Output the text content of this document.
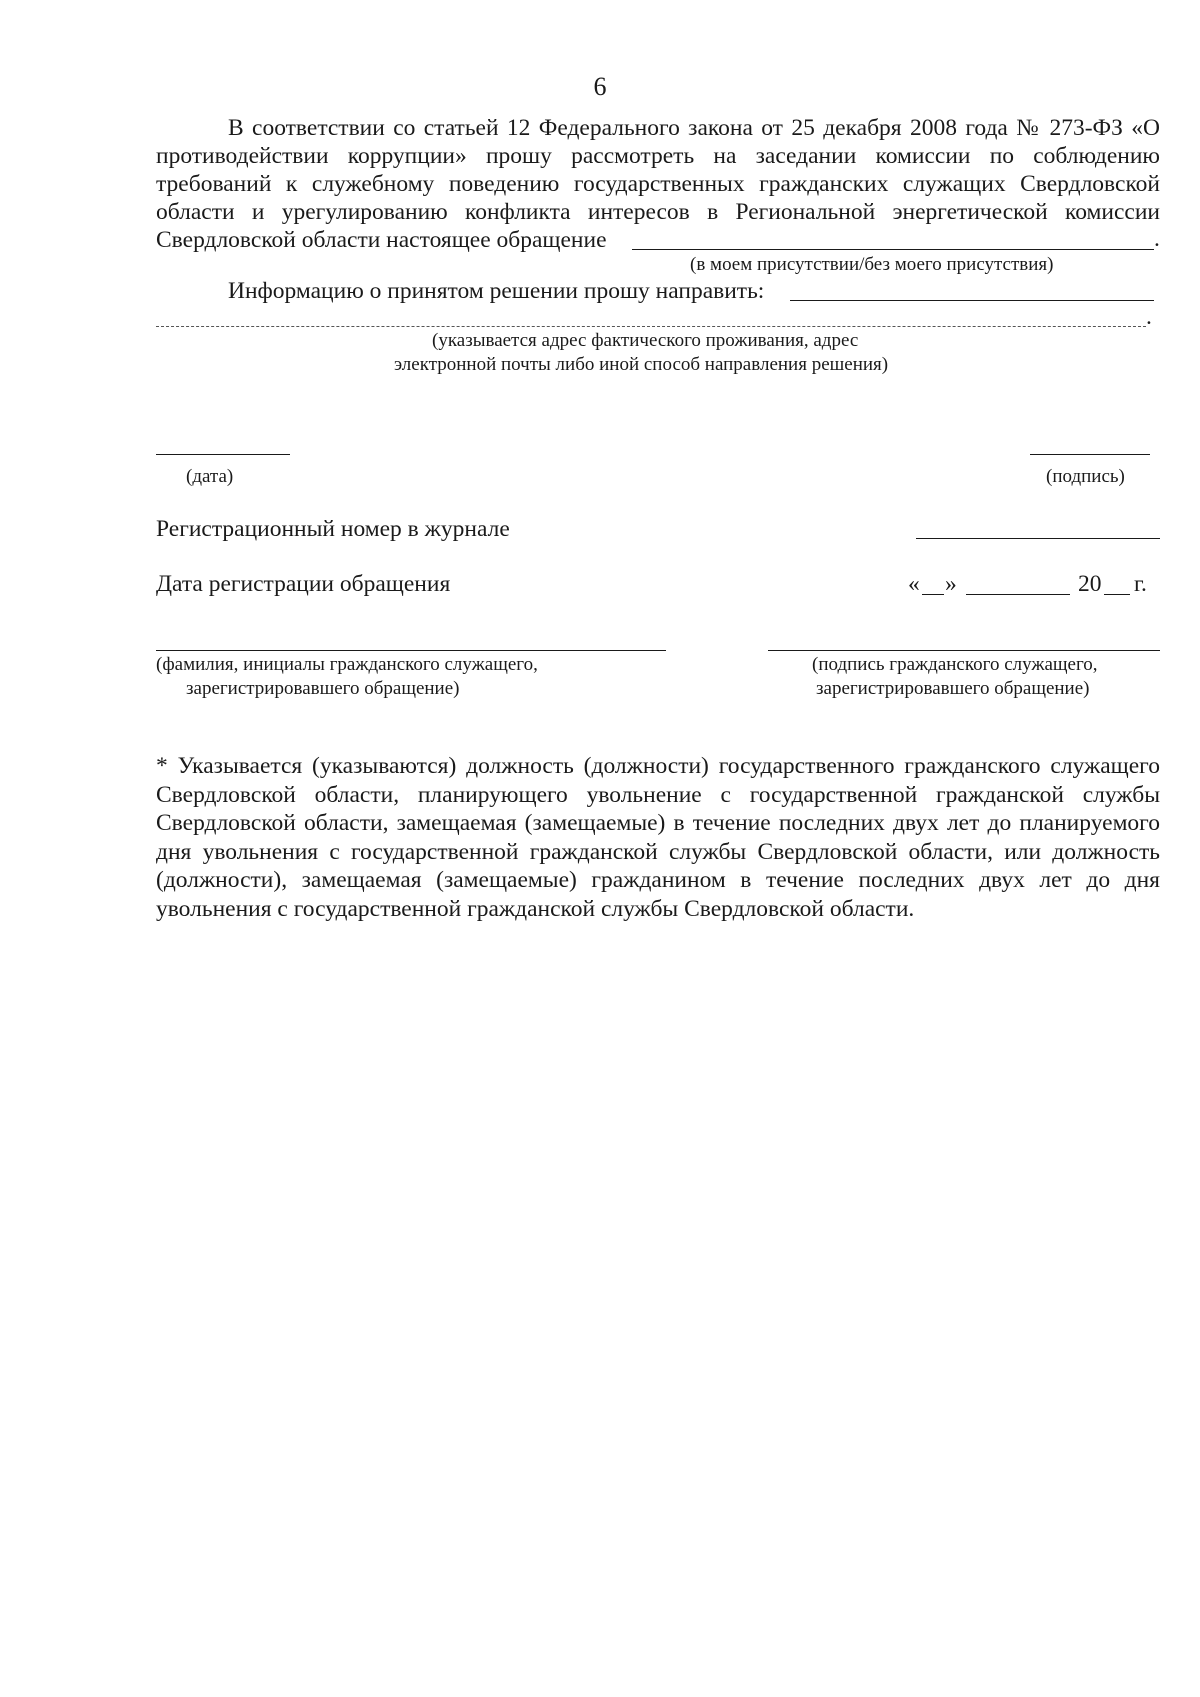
6
В соответствии со статьей 12 Федерального закона от 25 декабря 2008 года № 273-ФЗ «О противодействии коррупции» прошу рассмотреть на заседании комиссии по соблюдению требований к служебному поведению государственных гражданских служащих Свердловской области и урегулированию конфликта интересов в Региональной энергетической комиссии Свердловской области настоящее обращение	.
(в моем присутствии/без моего присутствия)
Информацию о принятом решении прошу направить:
.
(указывается адрес фактического проживания, адрес
электронной почты либо иной способ направления решения)
(дата)	(подпись)
Регистрационный номер в журнале
Дата регистрации обращения	« »	20 г.
(фамилия, инициалы гражданского служащего,
зарегистрировавшего обращение)
(подпись гражданского служащего,
зарегистрировавшего обращение)
* Указывается (указываются) должность (должности) государственного гражданского служащего Свердловской области, планирующего увольнение с государственной гражданской службы Свердловской области, замещаемая (замещаемые) в течение последних двух лет до планируемого дня увольнения с государственной гражданской службы Свердловской области, или должность (должности), замещаемая (замещаемые) гражданином в течение последних двух лет до дня увольнения с государственной гражданской службы Свердловской области.
